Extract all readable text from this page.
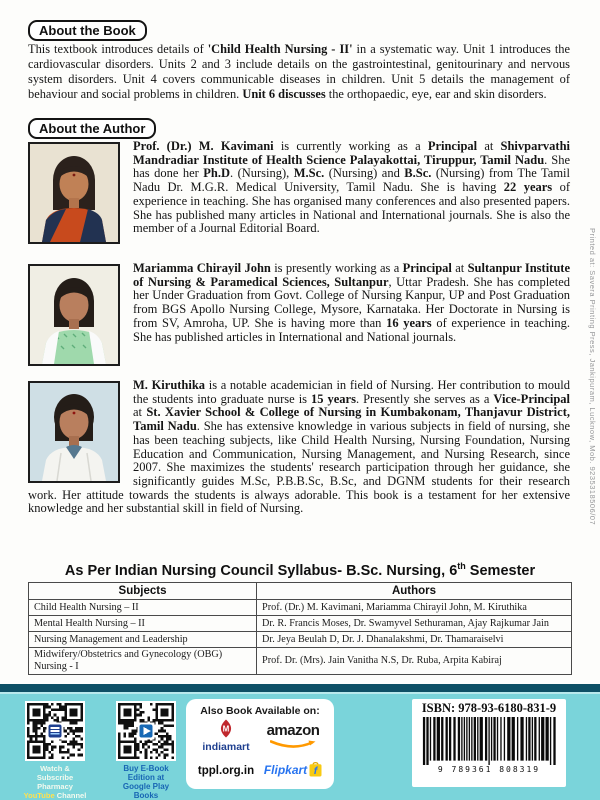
About the Book

This textbook introduces details of 'Child Health Nursing - II' in a systematic way. Unit 1 introduces the cardiovascular disorders. Units 2 and 3 include details on the gastrointestinal, genitourinary and nervous system disorders. Unit 4 covers communicable diseases in children. Unit 5 details the management of behaviour and social problems in children. Unit 6 discusses the orthopaedic, eye, ear and skin disorders.

About the Author

Prof. (Dr.) M. Kavimani is currently working as a Principal at Shivparvathi Mandradiar Institute of Health Science Palayakottai, Tiruppur, Tamil Nadu. She has done her Ph.D. (Nursing), M.Sc. (Nursing) and B.Sc. (Nursing) from The Tamil Nadu Dr. M.G.R. Medical University, Tamil Nadu. She is having 22 years of experience in teaching. She has organised many conferences and also presented papers. She has published many articles in National and International journals. She is also the member of a Journal Editorial Board.

Mariamma Chirayil John is presently working as a Principal at Sultanpur Institute of Nursing & Paramedical Sciences, Sultanpur, Uttar Pradesh. She has completed her Under Graduation from Govt. College of Nursing Kanpur, UP and Post Graduation from BGS Apollo Nursing College, Mysore, Karnataka. Her Doctorate in Nursing is from SV, Amroha, UP. She is having more than 16 years of experience in teaching. She has published articles in International and National journals.

M. Kiruthika is a notable academician in field of Nursing. Her contribution to mould the students into graduate nurse is 15 years. Presently she serves as a Vice-Principal at St. Xavier School & College of Nursing in Kumbakonam, Thanjavur District, Tamil Nadu. She has extensive knowledge in various subjects in field of nursing, she has been teaching subjects, like Child Health Nursing, Nursing Foundation, Nursing Education and Communication, Nursing Management, and Nursing Research, since 2007. She maximizes the students' research participation through her guidance, she significantly guides M.Sc, P.B.B.Sc, B.Sc, and DGNM students for their research work. Her attitude towards the students is always adorable. This book is a testament for her extensive knowledge and her substantial skill in field of Nursing.

As Per Indian Nursing Council Syllabus- B.Sc. Nursing, 6th Semester
Subjects	Authors
Child Health Nursing – II	Prof. (Dr.) M. Kavimani, Mariamma Chirayil John, M. Kiruthika
Mental Health Nursing – II	Dr. R. Francis Moses, Dr. Swamyvel Sethuraman, Ajay Rajkumar Jain
Nursing Management and Leadership	Dr. Jeya Beulah D, Dr. J. Dhanalakshmi, Dr. Thamaraiselvi
Midwifery/Obstetrics and Gynecology (OBG) Nursing - I	Prof. Dr. (Mrs). Jain Vanitha N.S, Dr. Ruba, Arpita Kabiraj
Watch & Subscribe
Pharmacy
YouTube Channel
Buy E-Book Edition at
Google Play Books
Also Book Available on:
M
indiamart
amazon
tppl.org.in Flipkart f
ISBN: 978-93-6180-831-9
9 789361 808319
Printed at: Savera Printing Press, Jankipuram, Lucknow, Mob. 9235318506/07
